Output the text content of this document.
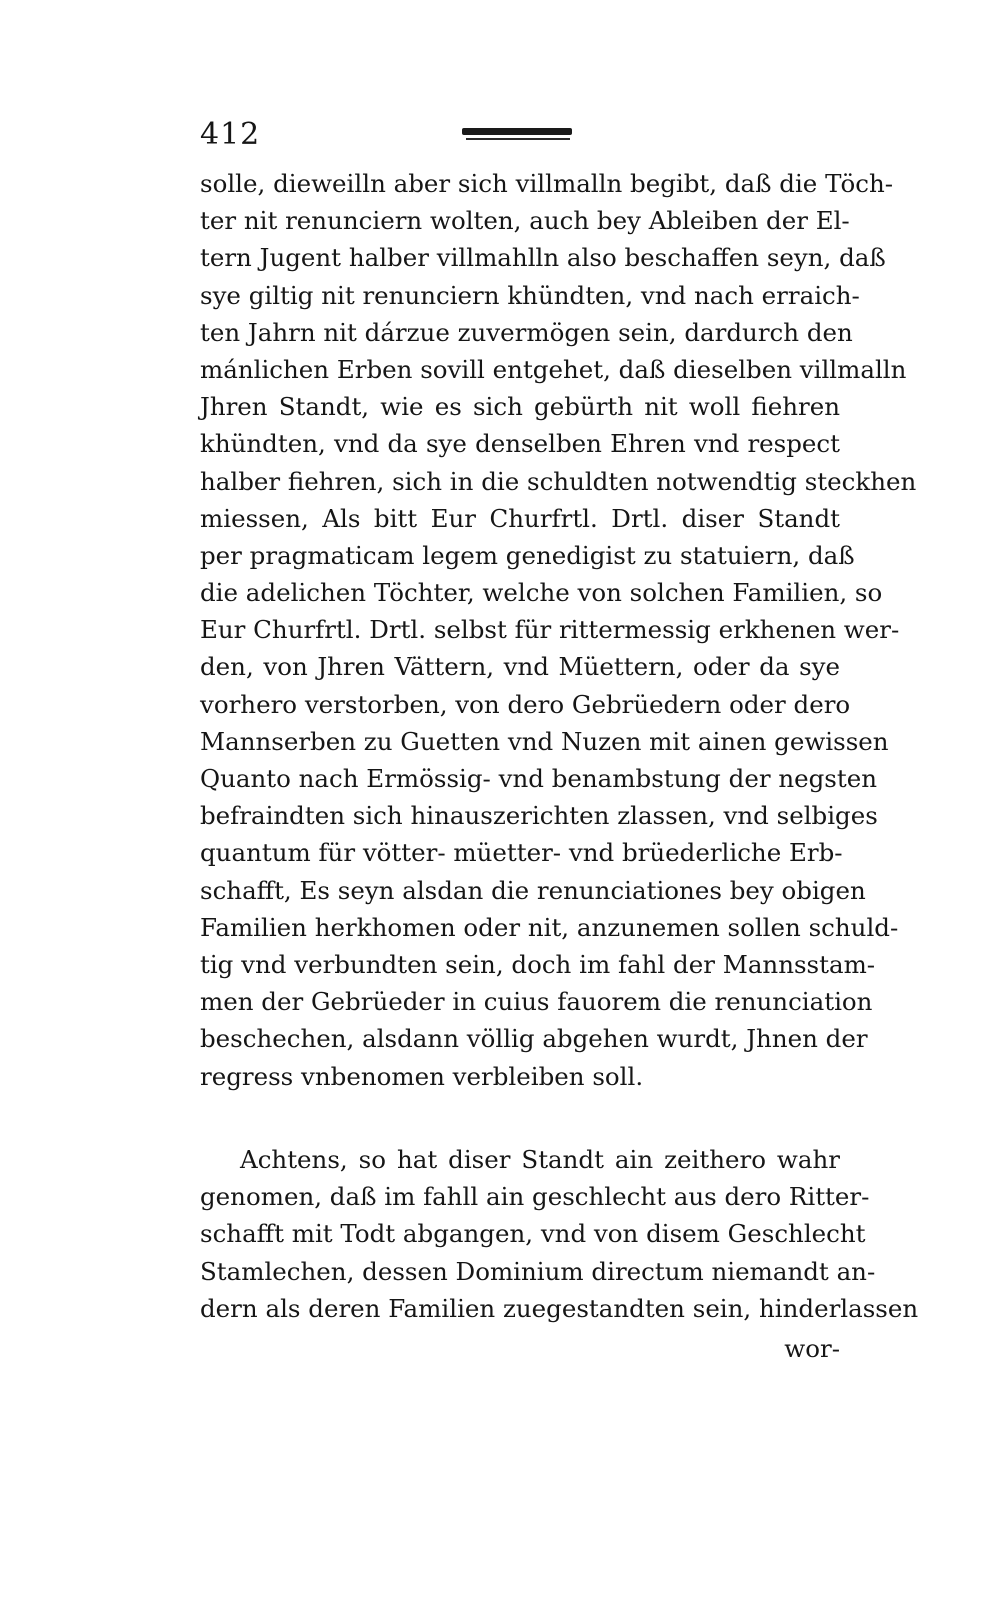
412
solle, dieweilln aber sich villmalln begibt, daß die Töch-
ter nit renunciern wolten, auch bey Ableiben der El-
tern Jugent halber villmahlln also beschaffen seyn, daß
sye giltig nit renunciern khündten, vnd nach erraich-
ten Jahrn nit dárzue zuvermögen sein, dardurch den
mánlichen Erben sovill entgehet, daß dieselben villmalln
Jhren Standt, wie es sich gebürth nit woll fiehren
khündten, vnd da sye denselben Ehren vnd respect
halber fiehren, sich in die schuldten notwendtig steckhen
miessen, Als bitt Eur Churfrtl. Drtl. diser Standt
per pragmaticam legem genedigist zu statuiern, daß
die adelichen Töchter, welche von solchen Familien, so
Eur Churfrtl. Drtl. selbst für rittermessig erkhenen wer-
den, von Jhren Vättern, vnd Müettern, oder da sye
vorhero verstorben, von dero Gebrüedern oder dero
Mannserben zu Guetten vnd Nuzen mit ainen gewissen
Quanto nach Ermössig- vnd benambstung der negsten
befraindten sich hinauszerichten zlassen, vnd selbiges
quantum für vötter- müetter- vnd brüederliche Erb-
schafft, Es seyn alsdan die renunciationes bey obigen
Familien herkhomen oder nit, anzunemen sollen schuld-
tig vnd verbundten sein, doch im fahl der Mannsstam-
men der Gebrüeder in cuius fauorem die renunciation
beschechen, alsdann völlig abgehen wurdt, Jhnen der
regress vnbenomen verbleiben soll.
Achtens, so hat diser Standt ain zeithero wahr
genomen, daß im fahll ain geschlecht aus dero Ritter-
schafft mit Todt abgangen, vnd von disem Geschlecht
Stamlechen, dessen Dominium directum niemandt an-
dern als deren Familien zuegestandten sein, hinderlassen
wor-
